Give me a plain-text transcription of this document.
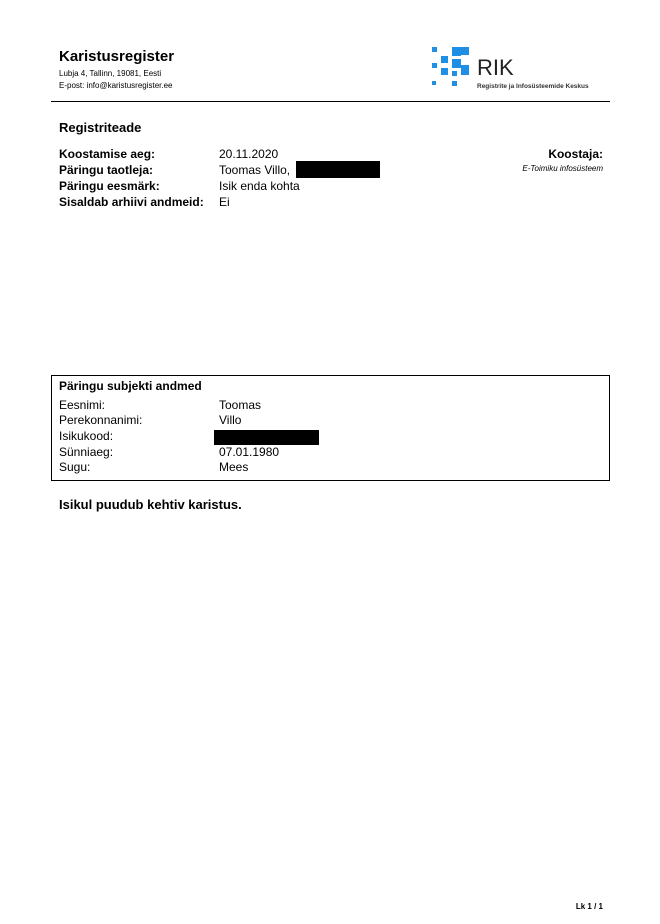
Karistusregister
Lubja 4, Tallinn, 19081, Eesti
E-post: info@karistusregister.ee
RIK
Registrite ja Infosüsteemide Keskus
Registriteade
Koostamise aeg:	20.11.2020
Päringu taotleja:	Toomas Villo,
Päringu eesmärk:	Isik enda kohta
Sisaldab arhiivi andmeid: Ei
Koostaja:
E-Toimiku infosüsteem
Päringu subjekti andmed
Eesnimi:	Toomas
Perekonnanimi:	Villo
Isikukood:
Sünniaeg:	07.01.1980
Sugu:	Mees
Isikul puudub kehtiv karistus.
Lk 1 / 1
